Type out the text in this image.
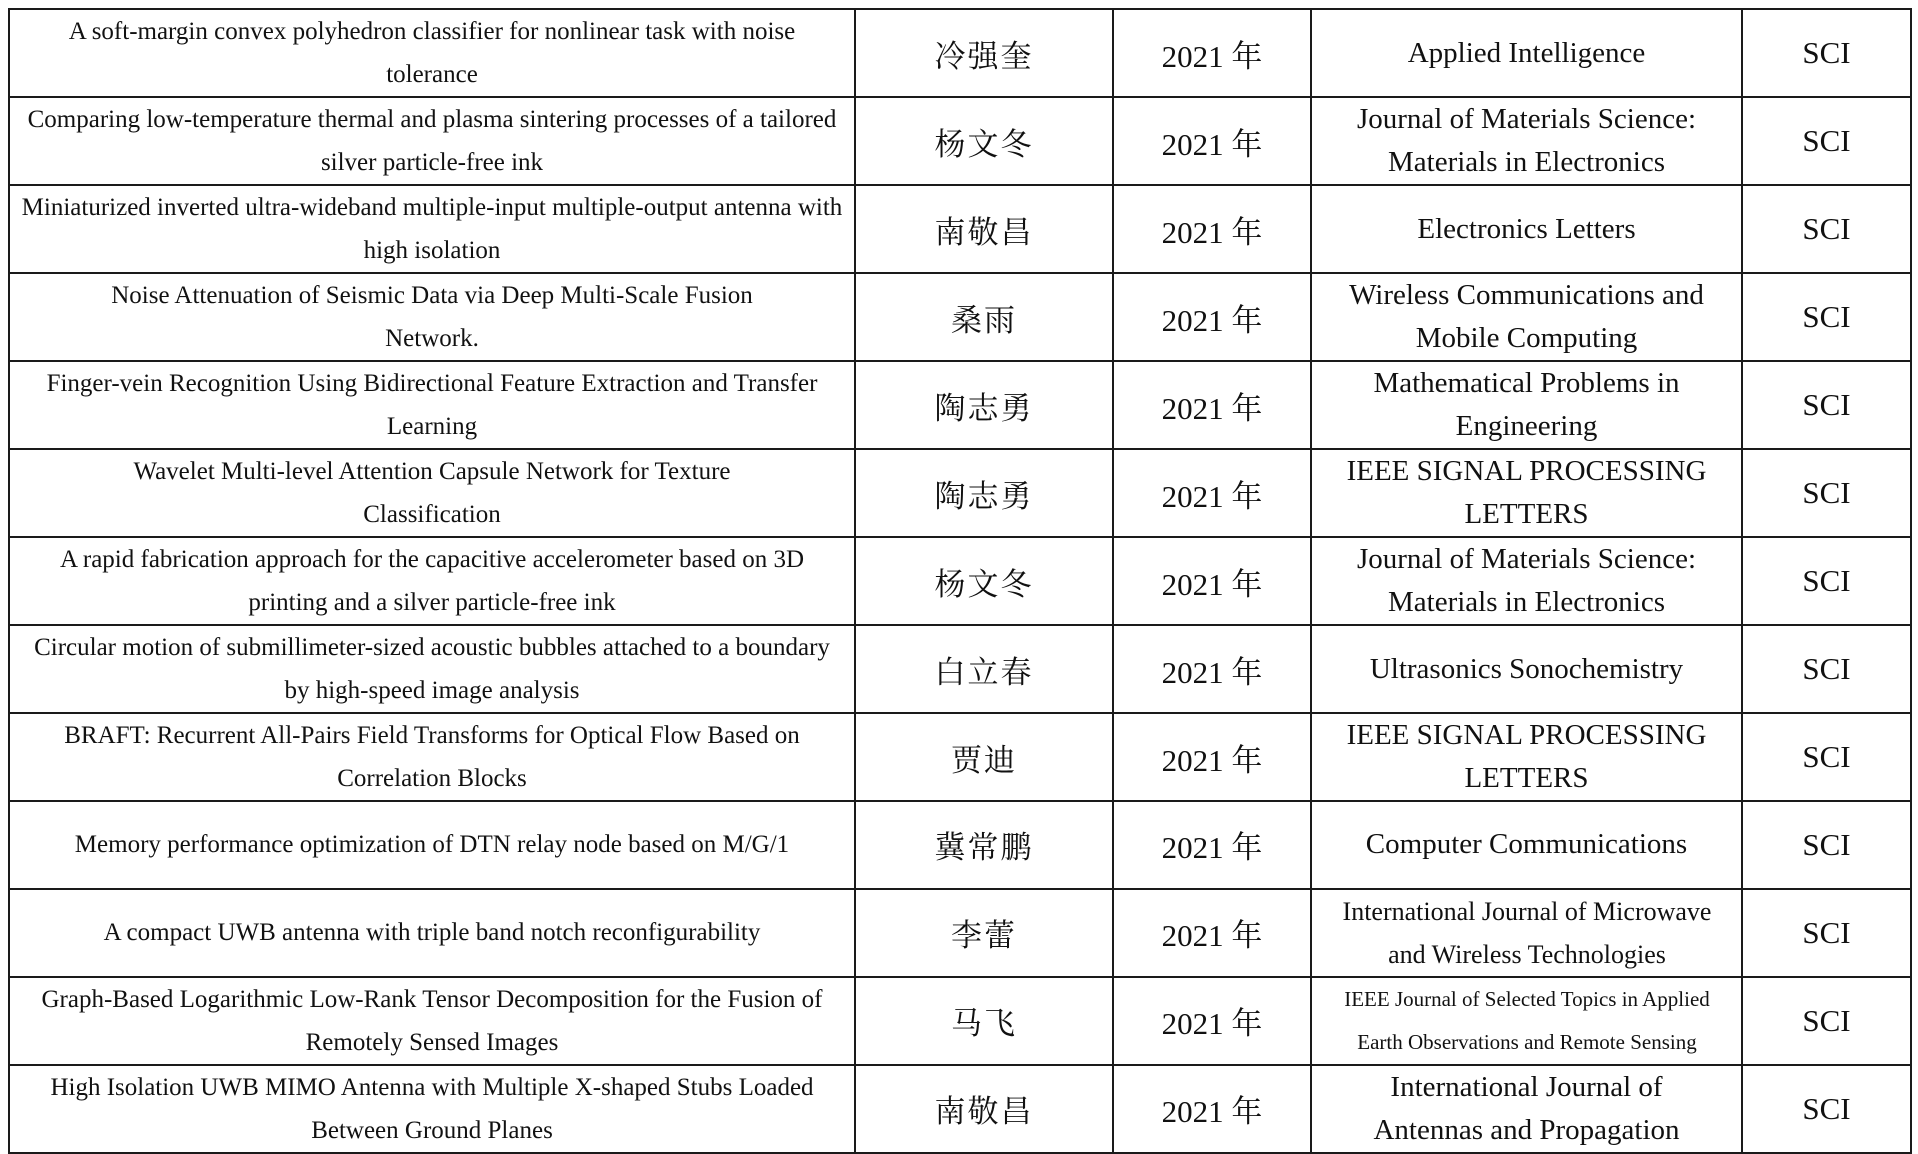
A soft-margin convex polyhedron classifier for nonlinear task with noise tolerance	冷强奎	2021 年	Applied Intelligence	SCI
Comparing low-temperature thermal and plasma sintering processes of a tailored silver particle-free ink	杨文冬	2021 年	Journal of Materials Science: Materials in Electronics	SCI
Miniaturized inverted ultra-wideband multiple-input multiple-output antenna with high isolation	南敬昌	2021 年	Electronics Letters	SCI
Noise Attenuation of Seismic Data via Deep Multi-Scale Fusion Network.	桑雨	2021 年	Wireless Communications and Mobile Computing	SCI
Finger-vein Recognition Using Bidirectional Feature Extraction and Transfer Learning	陶志勇	2021 年	Mathematical Problems in Engineering	SCI
Wavelet Multi-level Attention Capsule Network for Texture Classification	陶志勇	2021 年	IEEE SIGNAL PROCESSING LETTERS	SCI
A rapid fabrication approach for the capacitive accelerometer based on 3D printing and a silver particle-free ink	杨文冬	2021 年	Journal of Materials Science: Materials in Electronics	SCI
Circular motion of submillimeter-sized acoustic bubbles attached to a boundary by high-speed image analysis	白立春	2021 年	Ultrasonics Sonochemistry	SCI
BRAFT: Recurrent All-Pairs Field Transforms for Optical Flow Based on Correlation Blocks	贾迪	2021 年	IEEE SIGNAL PROCESSING LETTERS	SCI
Memory performance optimization of DTN relay node based on M/G/1	冀常鹏	2021 年	Computer Communications	SCI
A compact UWB antenna with triple band notch reconfigurability	李蕾	2021 年	International Journal of Microwave and Wireless Technologies	SCI
Graph-Based Logarithmic Low-Rank Tensor Decomposition for the Fusion of Remotely Sensed Images	马飞	2021 年	IEEE Journal of Selected Topics in Applied Earth Observations and Remote Sensing	SCI
High Isolation UWB MIMO Antenna with Multiple X-shaped Stubs Loaded Between Ground Planes	南敬昌	2021 年	International Journal of Antennas and Propagation	SCI
